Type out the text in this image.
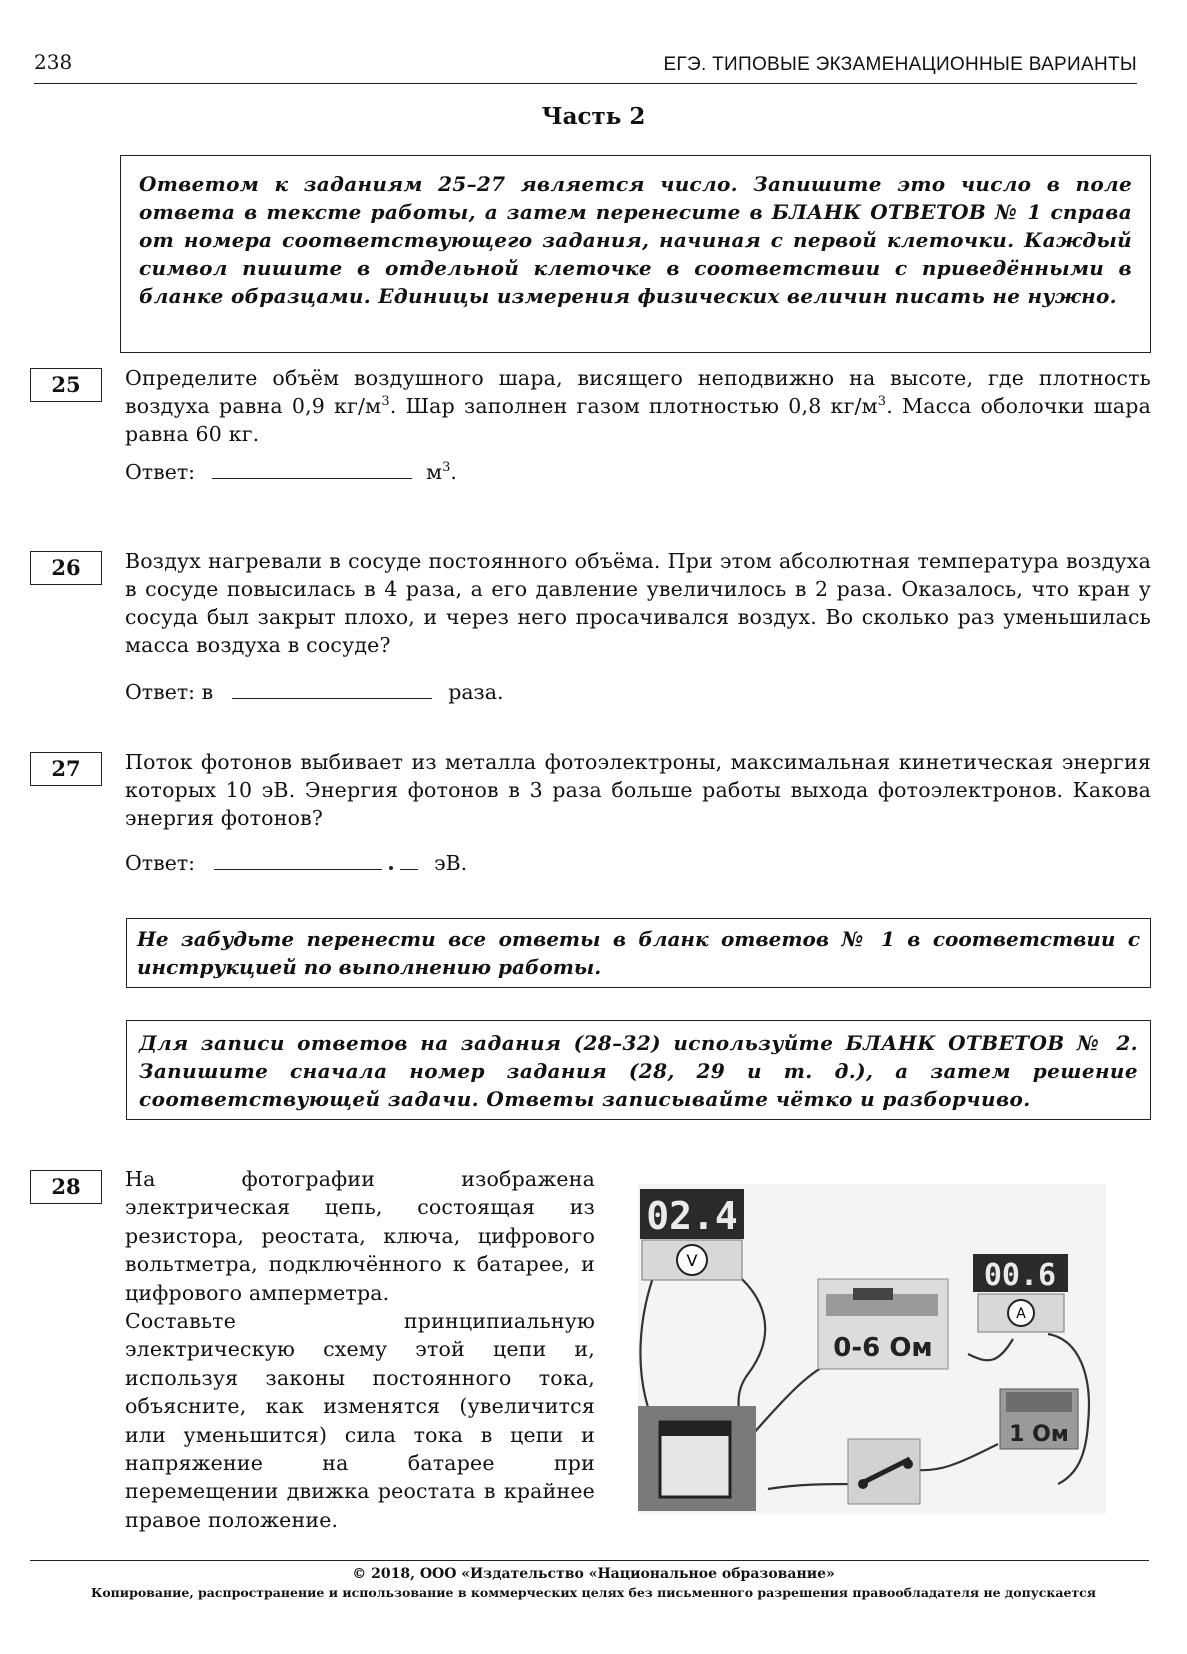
238	ЕГЭ. ТИПОВЫЕ ЭКЗАМЕНАЦИОННЫЕ ВАРИАНТЫ
Часть 2
Ответом к заданиям 25–27 является число. Запишите это число в поле ответа в тексте работы, а затем перенесите в БЛАНК ОТВЕТОВ № 1 справа от номера соответствующего задания, начиная с первой клеточки. Каждый символ пишите в отдельной клеточке в соответствии с приведёнными в бланке образцами. Единицы измерения физических величин писать не нужно.
25	Определите объём воздушного шара, висящего неподвижно на высоте, где плотность воздуха равна 0,9 $кг/м^3$. Шар заполнен газом плотностью 0,8 $кг/м^3$. Масса оболочки шара равна 60 кг.
Ответ:	$м^3$.
26	Воздух нагревали в сосуде постоянного объёма. При этом абсолютная температура воздуха в сосуде повысилась в 4 раза, а его давление увеличилось в 2 раза. Оказалось, что кран у сосуда был закрыт плохо, и через него просачивался воздух. Во сколько раз уменьшилась масса воздуха в сосуде?
Ответ: в	раза.
27	Поток фотонов выбивает из металла фотоэлектроны, максимальная кинетическая энергия которых 10 эВ. Энергия фотонов в 3 раза больше работы выхода фотоэлектронов. Какова энергия фотонов?
Ответ:	эВ.
Не забудьте перенести все ответы в бланк ответов № 1 в соответствии с инструкцией по выполнению работы.
Для записи ответов на задания (28–32) используйте БЛАНК ОТВЕТОВ № 2. Запишите сначала номер задания (28, 29 и т. д.), а затем решение соответствующей задачи. Ответы записывайте чётко и разборчиво.
28	На фотографии изображена электрическая цепь, состоящая из резистора, реостата, ключа, цифрового вольтметра, подключённого к батарее, и цифрового амперметра.

Составьте принципиальную электрическую схему этой цепи и, используя законы постоянного тока, объясните, как изменятся (увеличится или уменьшится) сила тока в цепи и напряжение на батарее при перемещении движка реостата в крайнее правое положение.

02.4
V
0-6 Ом
00.6
A
1 Ом
© 2018, ООО «Издательство «Национальное образование»
Копирование, распространение и использование в коммерческих целях без письменного разрешения правообладателя не допускается
